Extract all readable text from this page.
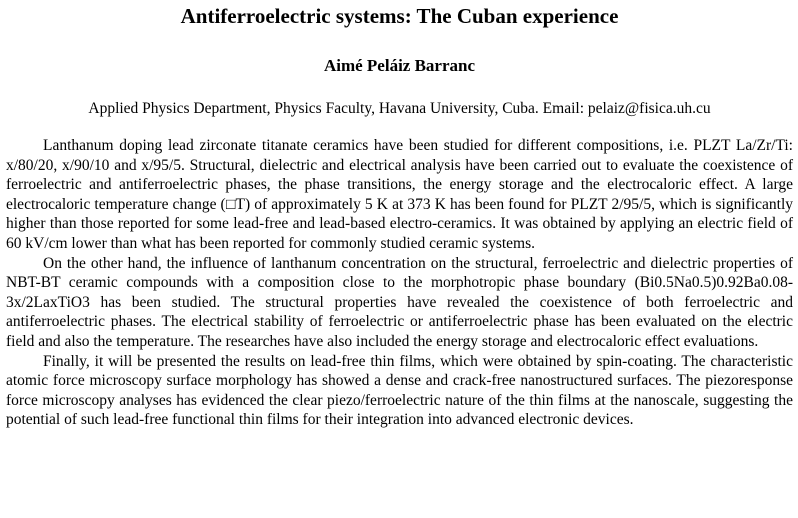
Antiferroelectric systems: The Cuban experience
Aimé Peláiz Barranc
Applied Physics Department, Physics Faculty, Havana University, Cuba. Email: pelaiz@fisica.uh.cu

Lanthanum doping lead zirconate titanate ceramics have been studied for different compositions, i.e. PLZT La/Zr/Ti: x/80/20, x/90/10 and x/95/5. Structural, dielectric and electrical analysis have been carried out to evaluate the coexistence of ferroelectric and antiferroelectric phases, the phase transitions, the energy storage and the electrocaloric effect. A large electrocaloric temperature change (□T) of approximately 5 K at 373 K has been found for PLZT 2/95/5, which is significantly higher than those reported for some lead-free and lead-based electro-ceramics. It was obtained by applying an electric field of 60 kV/cm lower than what has been reported for commonly studied ceramic systems.

On the other hand, the influence of lanthanum concentration on the structural, ferroelectric and dielectric properties of NBT-BT ceramic compounds with a composition close to the morphotropic phase boundary (Bi0.5Na0.5)0.92Ba0.08-3x/2LaxTiO3 has been studied. The structural properties have revealed the coexistence of both ferroelectric and antiferroelectric phases. The electrical stability of ferroelectric or antiferroelectric phase has been evaluated on the electric field and also the temperature. The researches have also included the energy storage and electrocaloric effect evaluations.

Finally, it will be presented the results on lead-free thin films, which were obtained by spin-coating. The characteristic atomic force microscopy surface morphology has showed a dense and crack-free nanostructured surfaces. The piezoresponse force microscopy analyses has evidenced the clear piezo/ferroelectric nature of the thin films at the nanoscale, suggesting the potential of such lead-free functional thin films for their integration into advanced electronic devices.
